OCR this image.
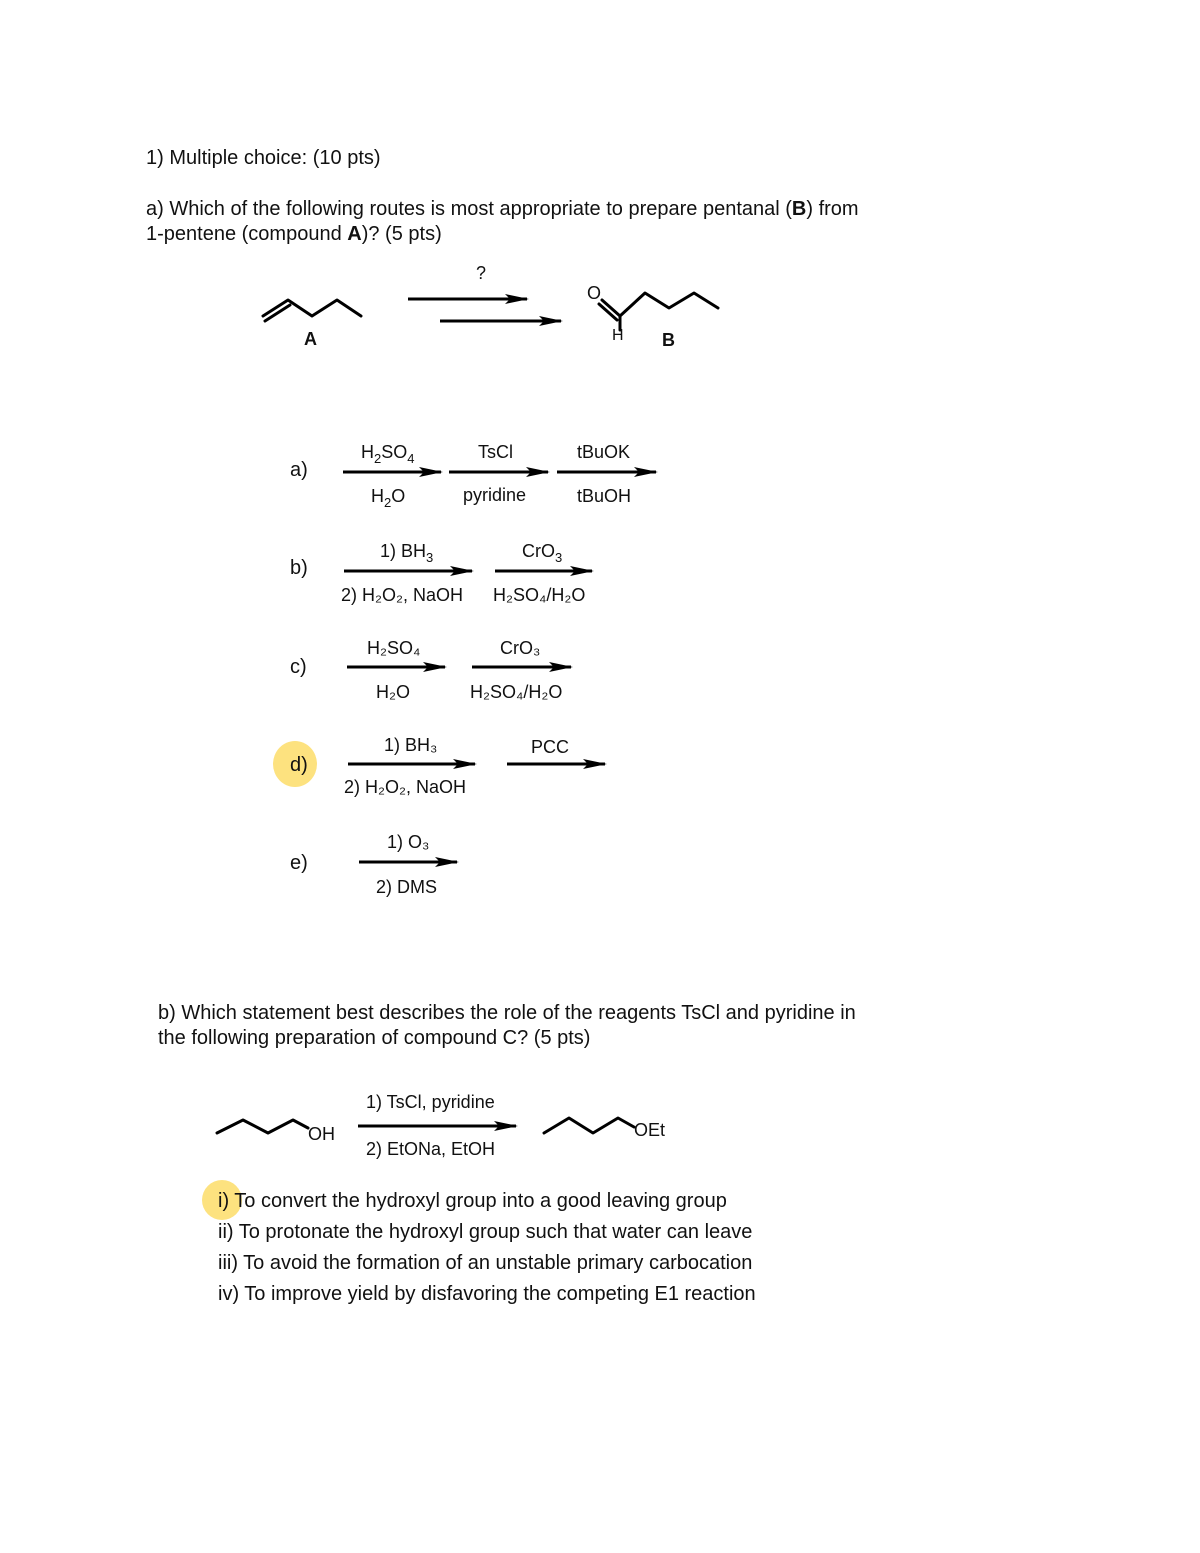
1) Multiple choice: (10 pts)
a) Which of the following routes is most appropriate to prepare pentanal (B) from
1-pentene (compound A)? (5 pts)
?
A	B
O
H
a)
$H_2SO_4$
$H_2O$
TsCl
pyridine
tBuOK
tBuOH
b)
1) $BH_3$
2) H₂O₂, NaOH
CrO$_3$
H₂SO₄/H₂O
c)
H₂SO₄
H₂O
CrO₃
H₂SO₄/H₂O
d)
1) BH₃
2) H₂O₂, NaOH
PCC
e)
1) O₃
2) DMS
b) Which statement best describes the role of the reagents TsCl and pyridine in
the following preparation of compound C? (5 pts)
1) TsCl, pyridine
2) EtONa, EtOH
OH	OEt
i) To convert the hydroxyl group into a good leaving group
ii) To protonate the hydroxyl group such that water can leave
iii) To avoid the formation of an unstable primary carbocation
iv) To improve yield by disfavoring the competing E1 reaction
